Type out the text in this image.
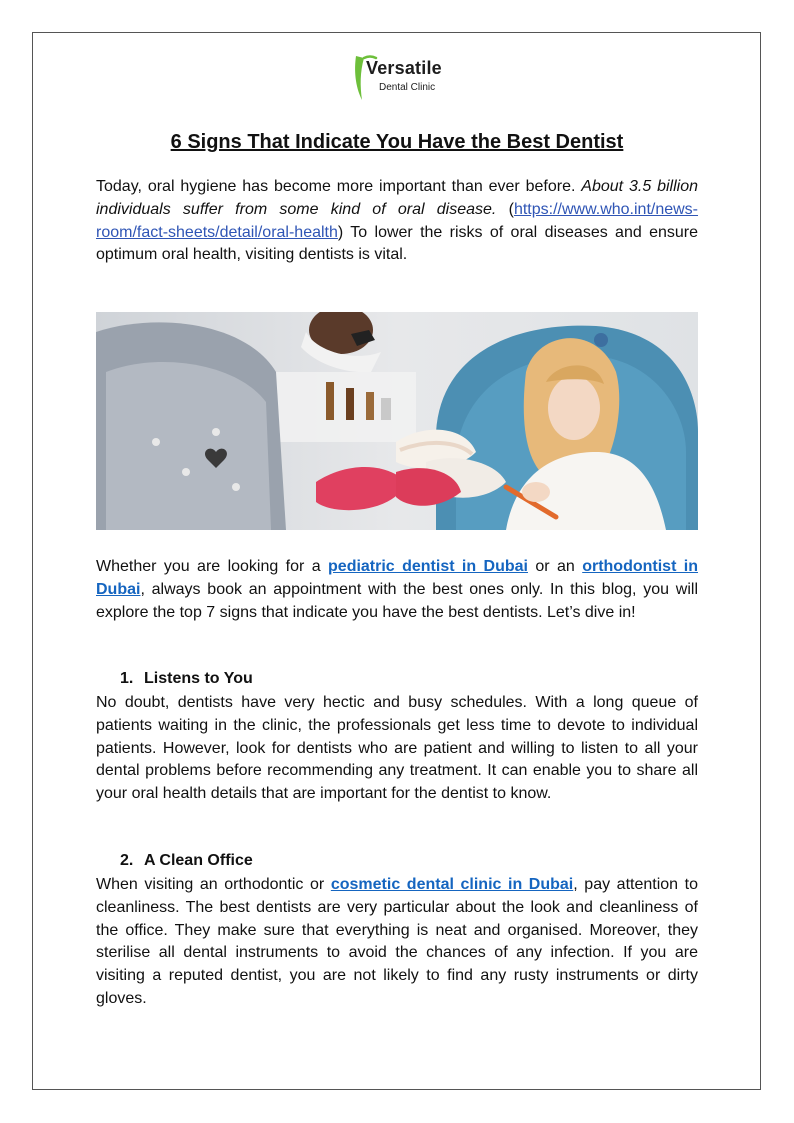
Versatile
Dental Clinic
6 Signs That Indicate You Have the Best Dentist
Today, oral hygiene has become more important than ever before. About 3.5 billion individuals suffer from some kind of oral disease. (https://www.who.int/news-room/fact-sheets/detail/oral-health) To lower the risks of oral diseases and ensure optimum oral health, visiting dentists is vital.
Whether you are looking for a pediatric dentist in Dubai or an orthodontist in Dubai, always book an appointment with the best ones only. In this blog, you will explore the top 7 signs that indicate you have the best dentists. Let’s dive in!
1. Listens to You
No doubt, dentists have very hectic and busy schedules. With a long queue of patients waiting in the clinic, the professionals get less time to devote to individual patients. However, look for dentists who are patient and willing to listen to all your dental problems before recommending any treatment. It can enable you to share all your oral health details that are important for the dentist to know.
2. A Clean Office
When visiting an orthodontic or cosmetic dental clinic in Dubai, pay attention to cleanliness. The best dentists are very particular about the look and cleanliness of the office. They make sure that everything is neat and organised. Moreover, they sterilise all dental instruments to avoid the chances of any infection. If you are visiting a reputed dentist, you are not likely to find any rusty instruments or dirty gloves.
